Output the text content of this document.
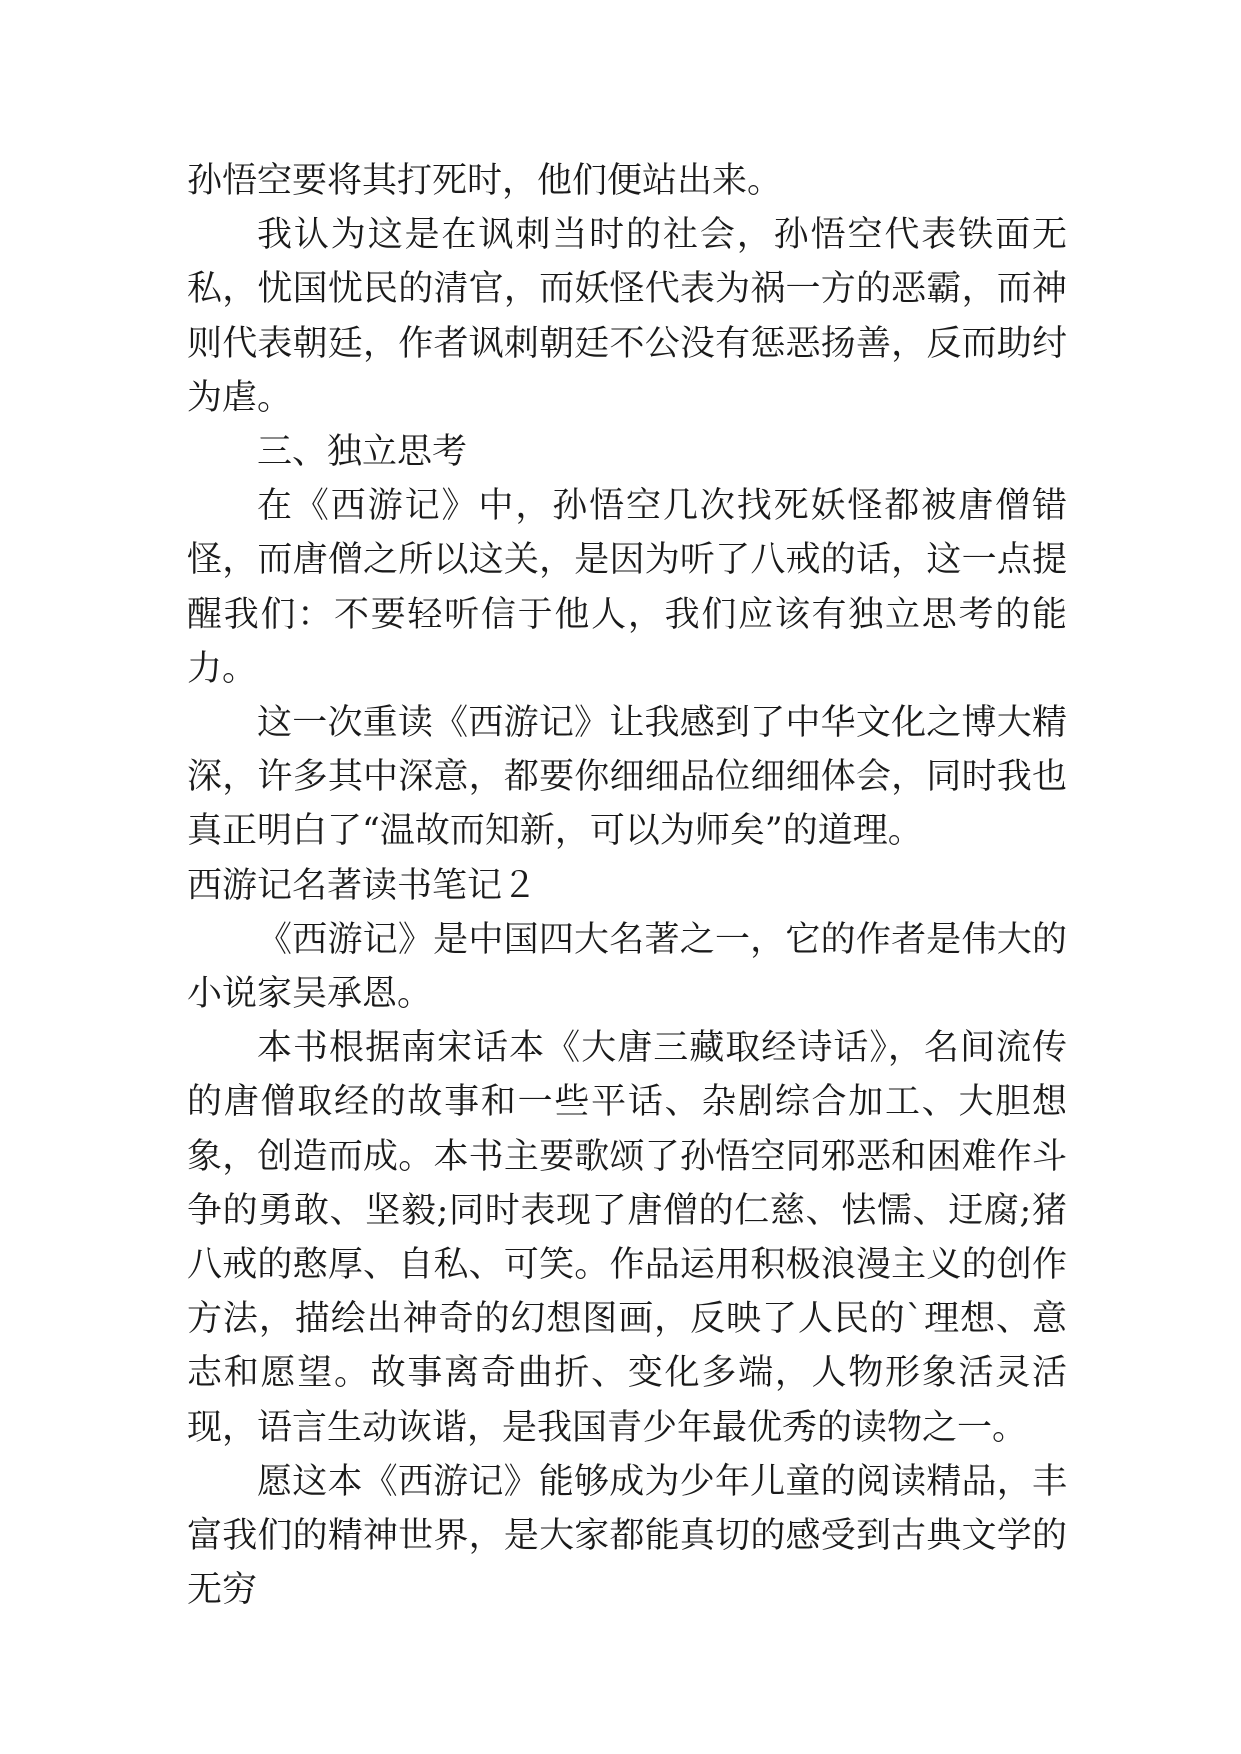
孙悟空要将其打死时，他们便站出来。

我认为这是在讽刺当时的社会，孙悟空代表铁面无私，忧国忧民的清官，而妖怪代表为祸一方的恶霸，而神则代表朝廷，作者讽刺朝廷不公没有惩恶扬善，反而助纣为虐。

三、独立思考

在《西游记》中，孙悟空几次找死妖怪都被唐僧错怪，而唐僧之所以这关，是因为听了八戒的话，这一点提醒我们：不要轻听信于他人，我们应该有独立思考的能力。

这一次重读《西游记》让我感到了中华文化之博大精深，许多其中深意，都要你细细品位细细体会，同时我也真正明白了“温故而知新，可以为师矣”的道理。

西游记名著读书笔记２

《西游记》是中国四大名著之一，它的作者是伟大的小说家吴承恩。

本书根据南宋话本《大唐三藏取经诗话》，名间流传的唐僧取经的故事和一些平话、杂剧综合加工、大胆想象，创造而成。本书主要歌颂了孙悟空同邪恶和困难作斗争的勇敢、坚毅;同时表现了唐僧的仁慈、怯懦、迂腐;猪八戒的憨厚、自私、可笑。作品运用积极浪漫主义的创作方法，描绘出神奇的幻想图画，反映了人民的`理想、意志和愿望。故事离奇曲折、变化多端，人物形象活灵活现，语言生动诙谐，是我国青少年最优秀的读物之一。

愿这本《西游记》能够成为少年儿童的阅读精品，丰富我们的精神世界，是大家都能真切的感受到古典文学的无穷
